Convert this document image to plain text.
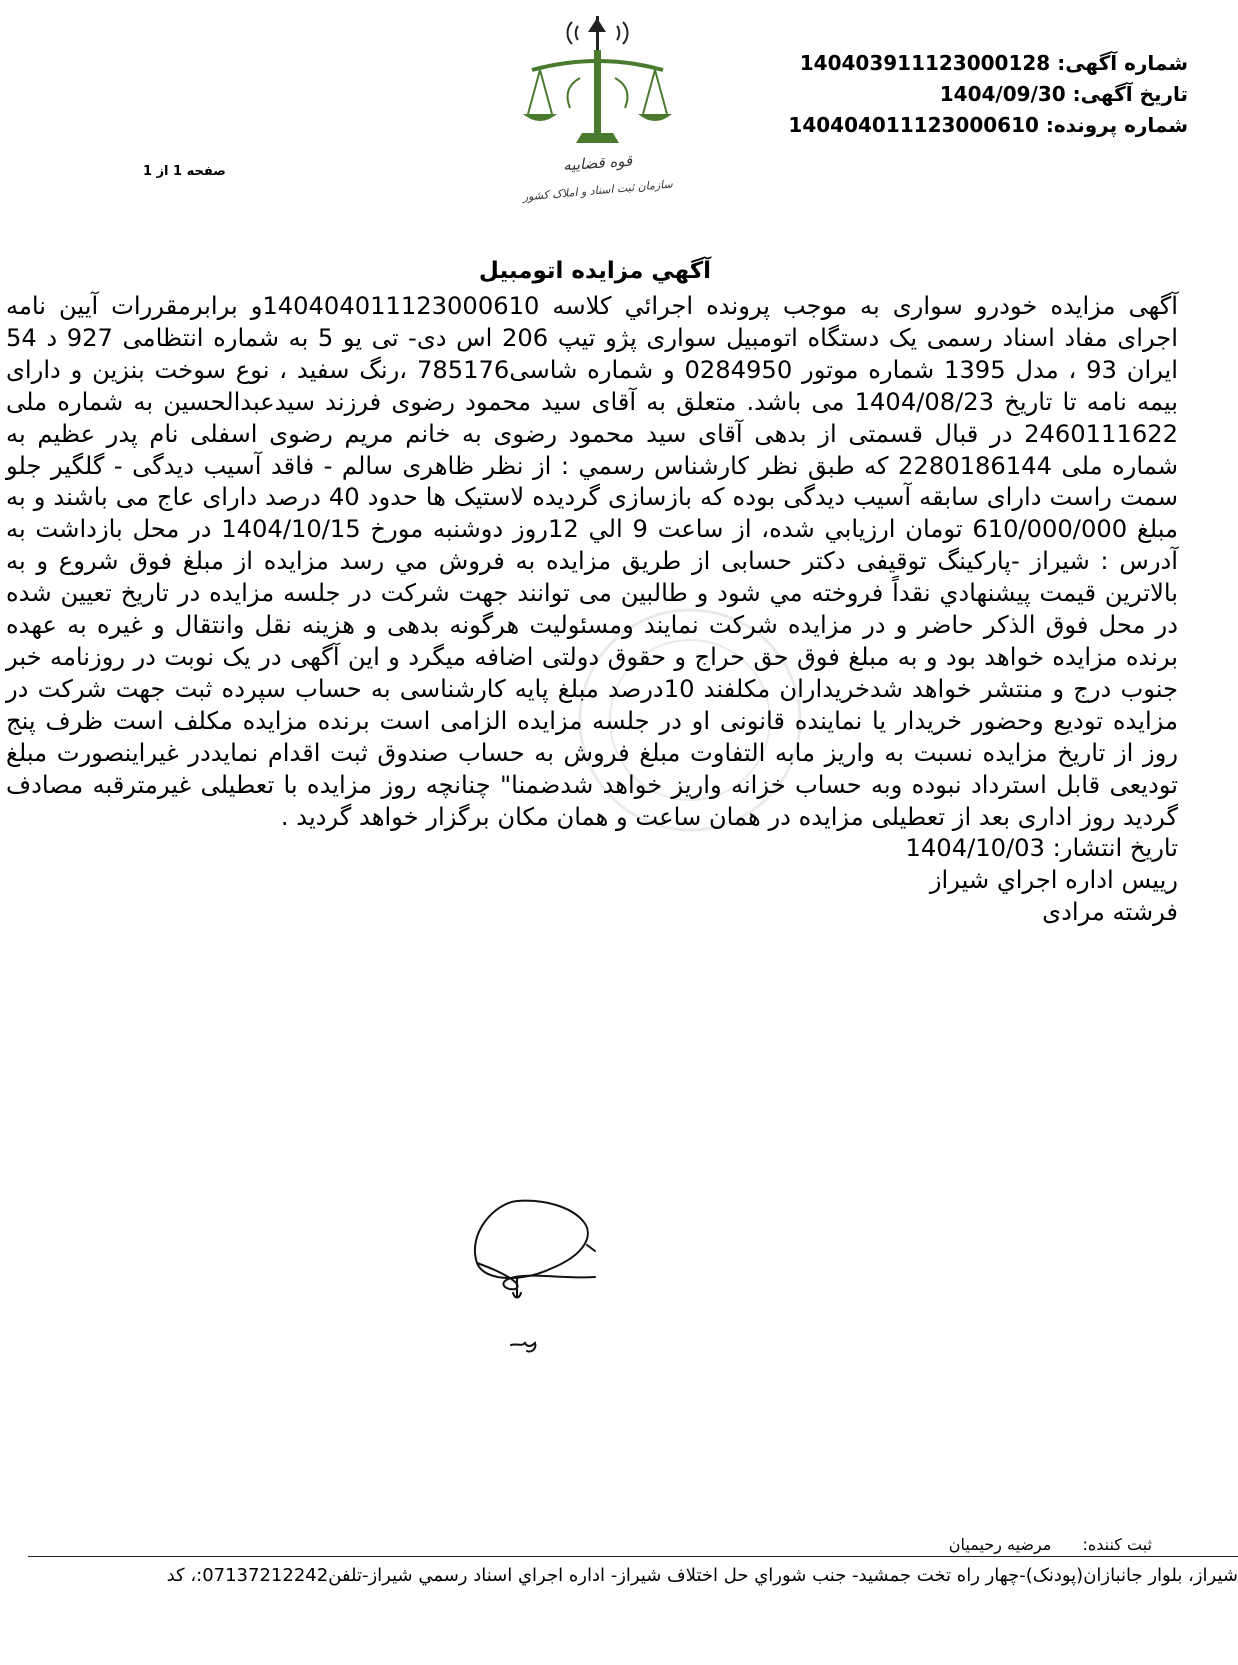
قوه قضاییه
سازمان ثبت اسناد و املاک کشور
شماره آگهی: 140403911123000128
تاریخ آگهی: 1404/09/30
شماره پرونده: 140404011123000610
صفحه 1 از 1
آگهي مزايده اتومبيل

آگهی مزایده خودرو سواری به موجب پرونده اجرائي كلاسه 140404011123000610و برابرمقررات آیین نامه اجرای مفاد اسناد رسمی یک دستگاه اتومبیل سواری پژو تیپ 206 اس دی- تی یو 5 به شماره انتظامی 927 د 54 ایران 93 ، مدل 1395 شماره موتور 0284950 و شماره شاسی785176 ،رنگ سفید ، نوع سوخت بنزین و دارای بیمه نامه تا تاریخ 1404/08/23 می باشد. متعلق به آقای سید محمود رضوی فرزند سیدعبدالحسین به شماره ملی 2460111622 در قبال قسمتی از بدهی آقای سید محمود رضوی به خانم مریم رضوی اسفلی نام پدر عظیم به شماره ملی 2280186144 كه طبق نظر كارشناس رسمي : از نظر ظاهری سالم - فاقد آسیب دیدگی - گلگیر جلو سمت راست دارای سابقه آسیب دیدگی بوده که بازسازی گردیده لاستیک ها حدود 40 درصد دارای عاج می باشند و به مبلغ 610/000/000 تومان ارزيابي شده، از ساعت 9 الي 12روز دوشنبه مورخ 1404/10/15 در محل بازداشت به آدرس : شیراز -پارکینگ توقیفی دکتر حسابی از طريق مزايده به فروش مي رسد مزايده از مبلغ فوق شروع و به بالاترين قيمت پيشنهادي نقداً فروخته مي شود و طالبين می توانند جهت شرکت در جلسه مزایده در تاریخ تعیین شده در محل فوق الذكر حاضر و در مزایده شرکت نمایند ومسئولیت هرگونه بدهی و هزینه نقل وانتقال و غیره به عهده برنده مزایده خواهد بود و به مبلغ فوق حق حراج و حقوق دولتی اضافه میگرد و این آگهی در یک نوبت در روزنامه خبر جنوب درج و منتشر خواهد شدخریداران مکلفند 10درصد مبلغ پایه کارشناسی به حساب سپرده ثبت جهت شرکت در مزایده تودیع وحضور خریدار یا نماینده قانونی او در جلسه مزایده الزامی است برنده مزایده مکلف است ظرف پنج روز از تاریخ مزایده نسبت به واریز مابه التفاوت مبلغ فروش به حساب صندوق ثبت اقدام نمایددر غیراینصورت مبلغ تودیعی قابل استرداد نبوده وبه حساب خزانه واریز خواهد شدضمنا" چنانچه روز مزایده با تعطیلی غیرمترقبه مصادف گردید روز اداری بعد از تعطیلی مزایده در همان ساعت و همان مکان برگزار خواهد گردید .

تاريخ انتشار: 1404/10/03
رييس اداره اجراي شيراز
فرشته مرادی
ثبت كننده: مرضیه رحیمیان
شيراز، بلوار جانبازان(پودنک)-چهار راه تخت جمشيد- جنب شوراي حل اختلاف شيراز- اداره اجراي اسناد رسمي شيراز-تلفن07137212242:، کد
